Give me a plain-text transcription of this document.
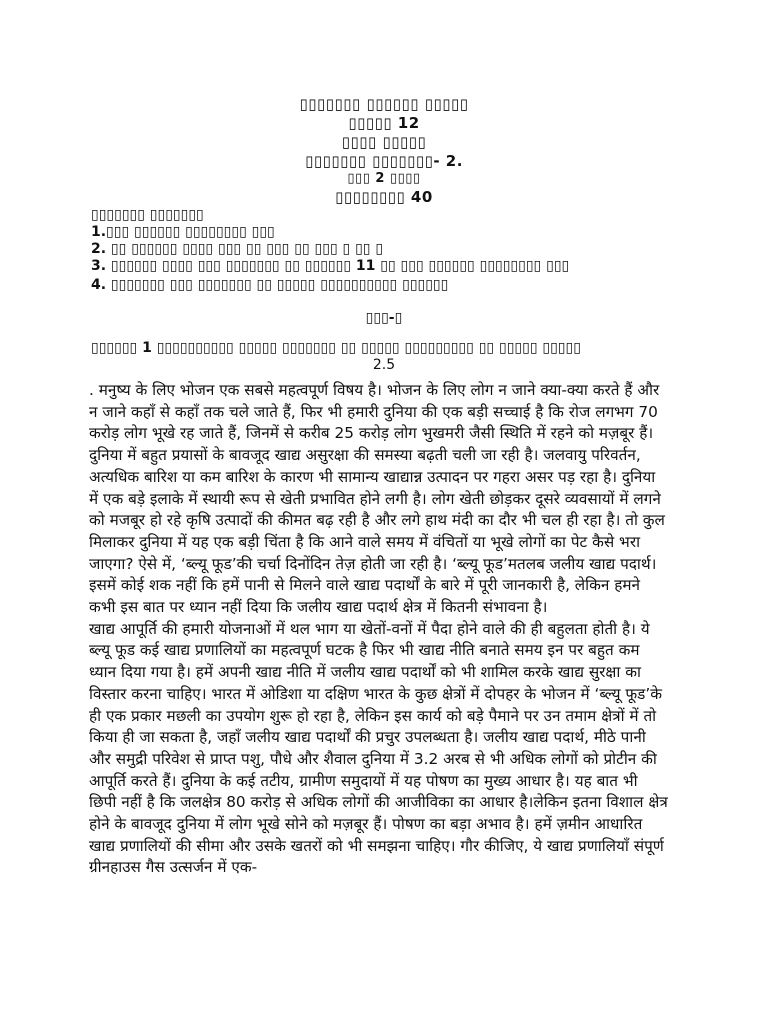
▯▯▯▯▯▯▯ ▯▯▯▯▯▯ ▯▯▯▯▯
▯▯▯▯▯ 12
▯▯▯▯ ▯▯▯▯▯
▯▯▯▯▯▯▯ ▯▯▯▯▯▯▯- 2.
▯▯▯ 2 ▯▯▯▯
▯▯▯▯▯▯▯▯ 40
▯▯▯▯▯▯▯ ▯▯▯▯▯▯▯
1.▯▯▯ ▯▯▯▯▯▯ ▯▯▯▯▯▯▯▯ ▯▯▯
2. ▯▯ ▯▯▯▯▯▯ ▯▯▯▯ ▯▯▯ ▯▯ ▯▯▯ ▯▯ ▯▯▯ ▯ ▯▯ ▯
3. ▯▯▯▯▯▯ ▯▯▯▯ ▯▯▯ ▯▯▯▯▯▯▯ ▯▯ ▯▯▯▯▯▯ 11 ▯▯ ▯▯▯ ▯▯▯▯▯▯ ▯▯▯▯▯▯▯▯ ▯▯▯
4. ▯▯▯▯▯▯▯ ▯▯▯ ▯▯▯▯▯▯▯ ▯▯ ▯▯▯▯▯ ▯▯▯▯▯▯▯▯▯▯ ▯▯▯▯▯▯
▯▯▯-▯
▯▯▯▯▯▯ 1 ▯▯▯▯▯▯▯▯▯▯ ▯▯▯▯▯ ▯▯▯▯▯▯▯ ▯▯ ▯▯▯▯▯ ▯▯▯▯▯▯▯▯▯ ▯▯ ▯▯▯▯▯ ▯▯▯▯▯
2.5

. मनुष्य के लिए भोजन एक सबसे महत्वपूर्ण विषय है। भोजन के लिए लोग न जाने क्या-क्या करते हैं और न जाने कहाँ से कहाँ तक चले जाते हैं, फिर भी हमारी दुनिया की एक बड़ी सच्चाई है कि रोज लगभग 70 करोड़ लोग भूखे रह जाते हैं, जिनमें से करीब 25 करोड़ लोग भुखमरी जैसी स्थिति में रहने को मज़बूर हैं। दुनिया में बहुत प्रयासों के बावजूद खाद्य असुरक्षा की समस्या बढ़ती चली जा रही है। जलवायु परिवर्तन, अत्यधिक बारिश या कम बारिश के कारण भी सामान्य खाद्यान्न उत्पादन पर गहरा असर पड़ रहा है। दुनिया में एक बड़े इलाके में स्थायी रूप से खेती प्रभावित होने लगी है। लोग खेती छोड़कर दूसरे व्यवसायों में लगने को मजबूर हो रहे कृषि उत्पादों की कीमत बढ़ रही है और लगे हाथ मंदी का दौर भी चल ही रहा है। तो कुल मिलाकर दुनिया में यह एक बड़ी चिंता है कि आने वाले समय में वंचितों या भूखे लोगों का पेट कैसे भरा जाएगा? ऐसे में, ‘ब्ल्यू फूड’की चर्चा दिनोंदिन तेज़ होती जा रही है। ‘ब्ल्यू फूड’मतलब जलीय खाद्य पदार्थ।इसमें कोई शक नहीं कि हमें पानी से मिलने वाले खाद्य पदार्थों के बारे में पूरी जानकारी है, लेकिन हमने कभी इस बात पर ध्यान नहीं दिया कि जलीय खाद्य पदार्थ क्षेत्र में कितनी संभावना है।

खाद्य आपूर्ति की हमारी योजनाओं में थल भाग या खेतों-वनों में पैदा होने वाले की ही बहुलता होती है। ये ब्ल्यू फूड कई खाद्य प्रणालियों का महत्वपूर्ण घटक है फिर भी खाद्य नीति बनाते समय इन पर बहुत कम ध्यान दिया गया है। हमें अपनी खाद्य नीति में जलीय खाद्य पदार्थों को भी शामिल करके खाद्य सुरक्षा का विस्तार करना चाहिए। भारत में ओडिशा या दक्षिण भारत के कुछ क्षेत्रों में दोपहर के भोजन में ‘ब्ल्यू फूड’के ही एक प्रकार मछली का उपयोग शुरू हो रहा है, लेकिन इस कार्य को बड़े पैमाने पर उन तमाम क्षेत्रों में तो किया ही जा सकता है, जहाँ जलीय खाद्य पदार्थों की प्रचुर उपलब्धता है। जलीय खाद्य पदार्थ, मीठे पानी और समुद्री परिवेश से प्राप्त पशु, पौधे और शैवाल दुनिया में 3.2 अरब से भी अधिक लोगों को प्रोटीन की आपूर्ति करते हैं। दुनिया के कई तटीय, ग्रामीण समुदायों में यह पोषण का मुख्य आधार है। यह बात भी छिपी नहीं है कि जलक्षेत्र 80 करोड़ से अधिक लोगों की आजीविका का आधार है।लेकिन इतना विशाल क्षेत्र होने के बावजूद दुनिया में लोग भूखे सोने को मज़बूर हैं। पोषण का बड़ा अभाव है। हमें ज़मीन आधारित खाद्य प्रणालियों की सीमा और उसके खतरों को भी समझना चाहिए। गौर कीजिए, ये खाद्य प्रणालियाँ संपूर्ण ग्रीनहाउस गैस उत्सर्जन में एक-
